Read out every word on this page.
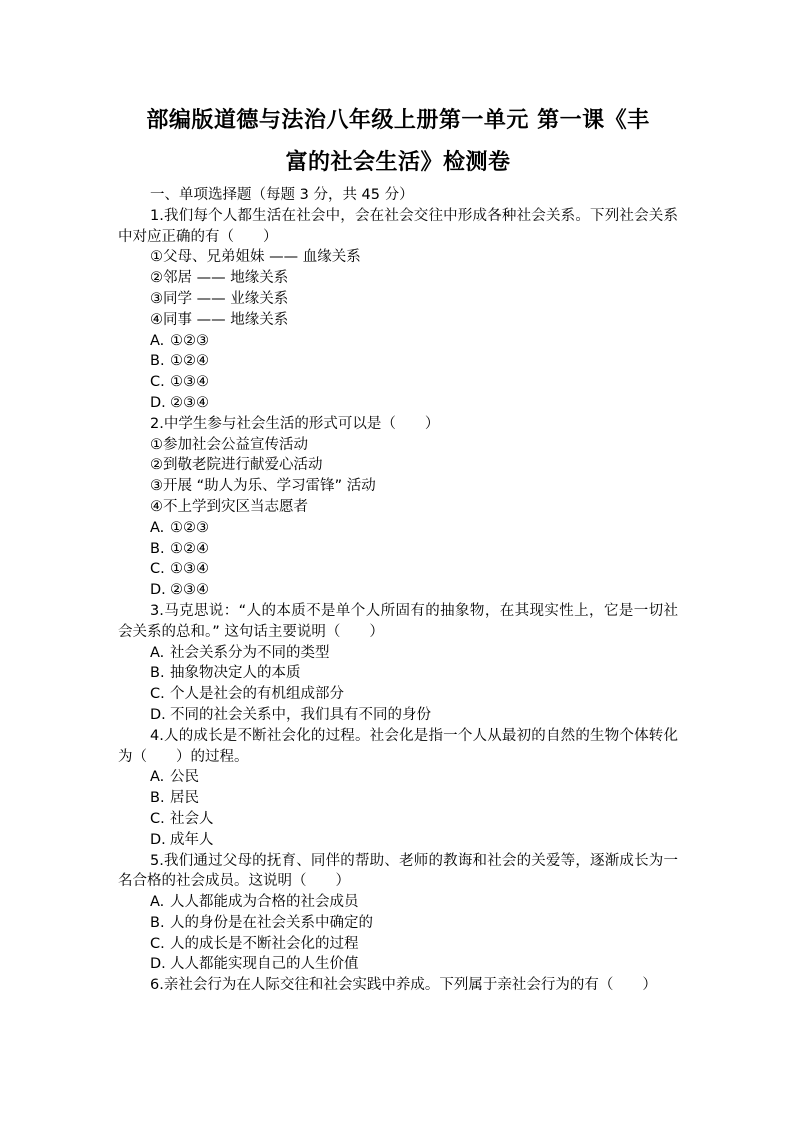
部编版道德与法治八年级上册第一单元 第一课《丰
富的社会生活》检测卷
一、单项选择题（每题 3 分，共 45 分）
1.我们每个人都生活在社会中，会在社会交往中形成各种社会关系。下列社会关系中对应正确的有（　　）
①父母、兄弟姐妹 —— 血缘关系
②邻居 —— 地缘关系
③同学 —— 业缘关系
④同事 —— 地缘关系
A. ①②③
B. ①②④
C. ①③④
D. ②③④
2.中学生参与社会生活的形式可以是（　　）
①参加社会公益宣传活动
②到敬老院进行献爱心活动
③开展 “助人为乐、学习雷锋” 活动
④不上学到灾区当志愿者
A. ①②③
B. ①②④
C. ①③④
D. ②③④
3.马克思说：“人的本质不是单个人所固有的抽象物，在其现实性上，它是一切社会关系的总和。” 这句话主要说明（　　）
A. 社会关系分为不同的类型
B. 抽象物决定人的本质
C. 个人是社会的有机组成部分
D. 不同的社会关系中，我们具有不同的身份
4.人的成长是不断社会化的过程。社会化是指一个人从最初的自然的生物个体转化为（　　）的过程。
A. 公民
B. 居民
C. 社会人
D. 成年人
5.我们通过父母的抚育、同伴的帮助、老师的教诲和社会的关爱等，逐渐成长为一名合格的社会成员。这说明（　　）
A. 人人都能成为合格的社会成员
B. 人的身份是在社会关系中确定的
C. 人的成长是不断社会化的过程
D. 人人都能实现自己的人生价值
6.亲社会行为在人际交往和社会实践中养成。下列属于亲社会行为的有（　　）
